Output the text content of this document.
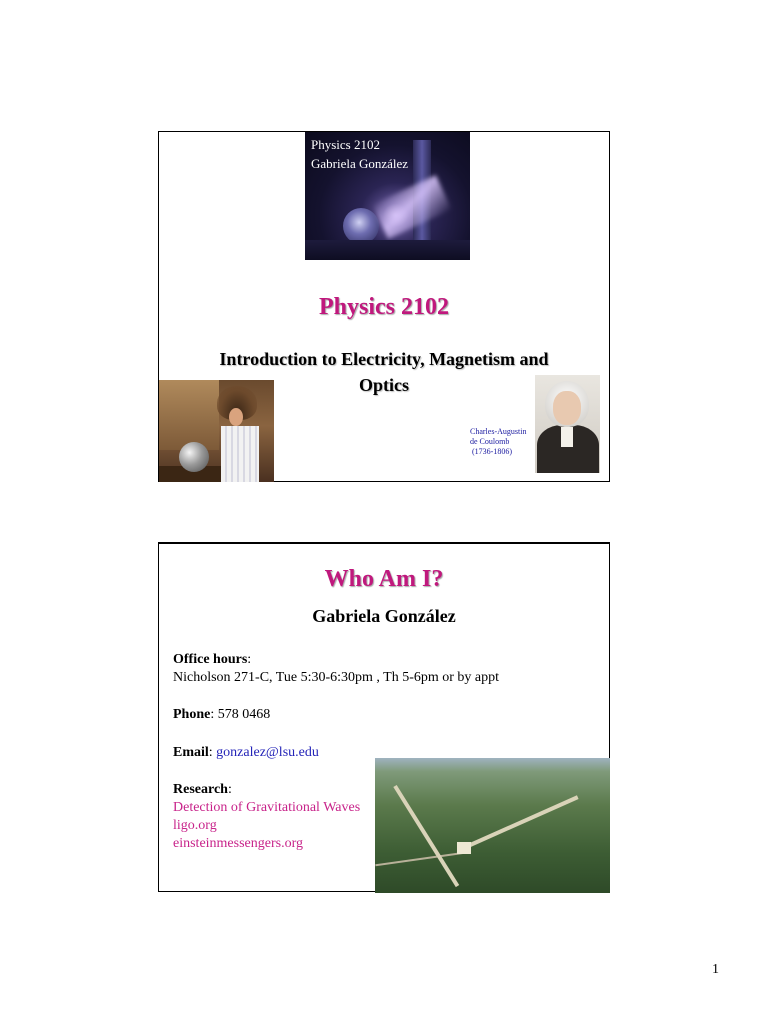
Physics 2102
Gabriela González
Physics 2102
Introduction to Electricity, Magnetism and
Optics
Charles-Augustin
de Coulomb
(1736-1806)
Who Am I?
Gabriela González
Office hours:
Nicholson 271-C, Tue 5:30-6:30pm , Th 5-6pm or by appt
Phone: 578 0468
Email: gonzalez@lsu.edu
Research:
Detection of Gravitational Waves
ligo.org
einsteinmessengers.org
1
